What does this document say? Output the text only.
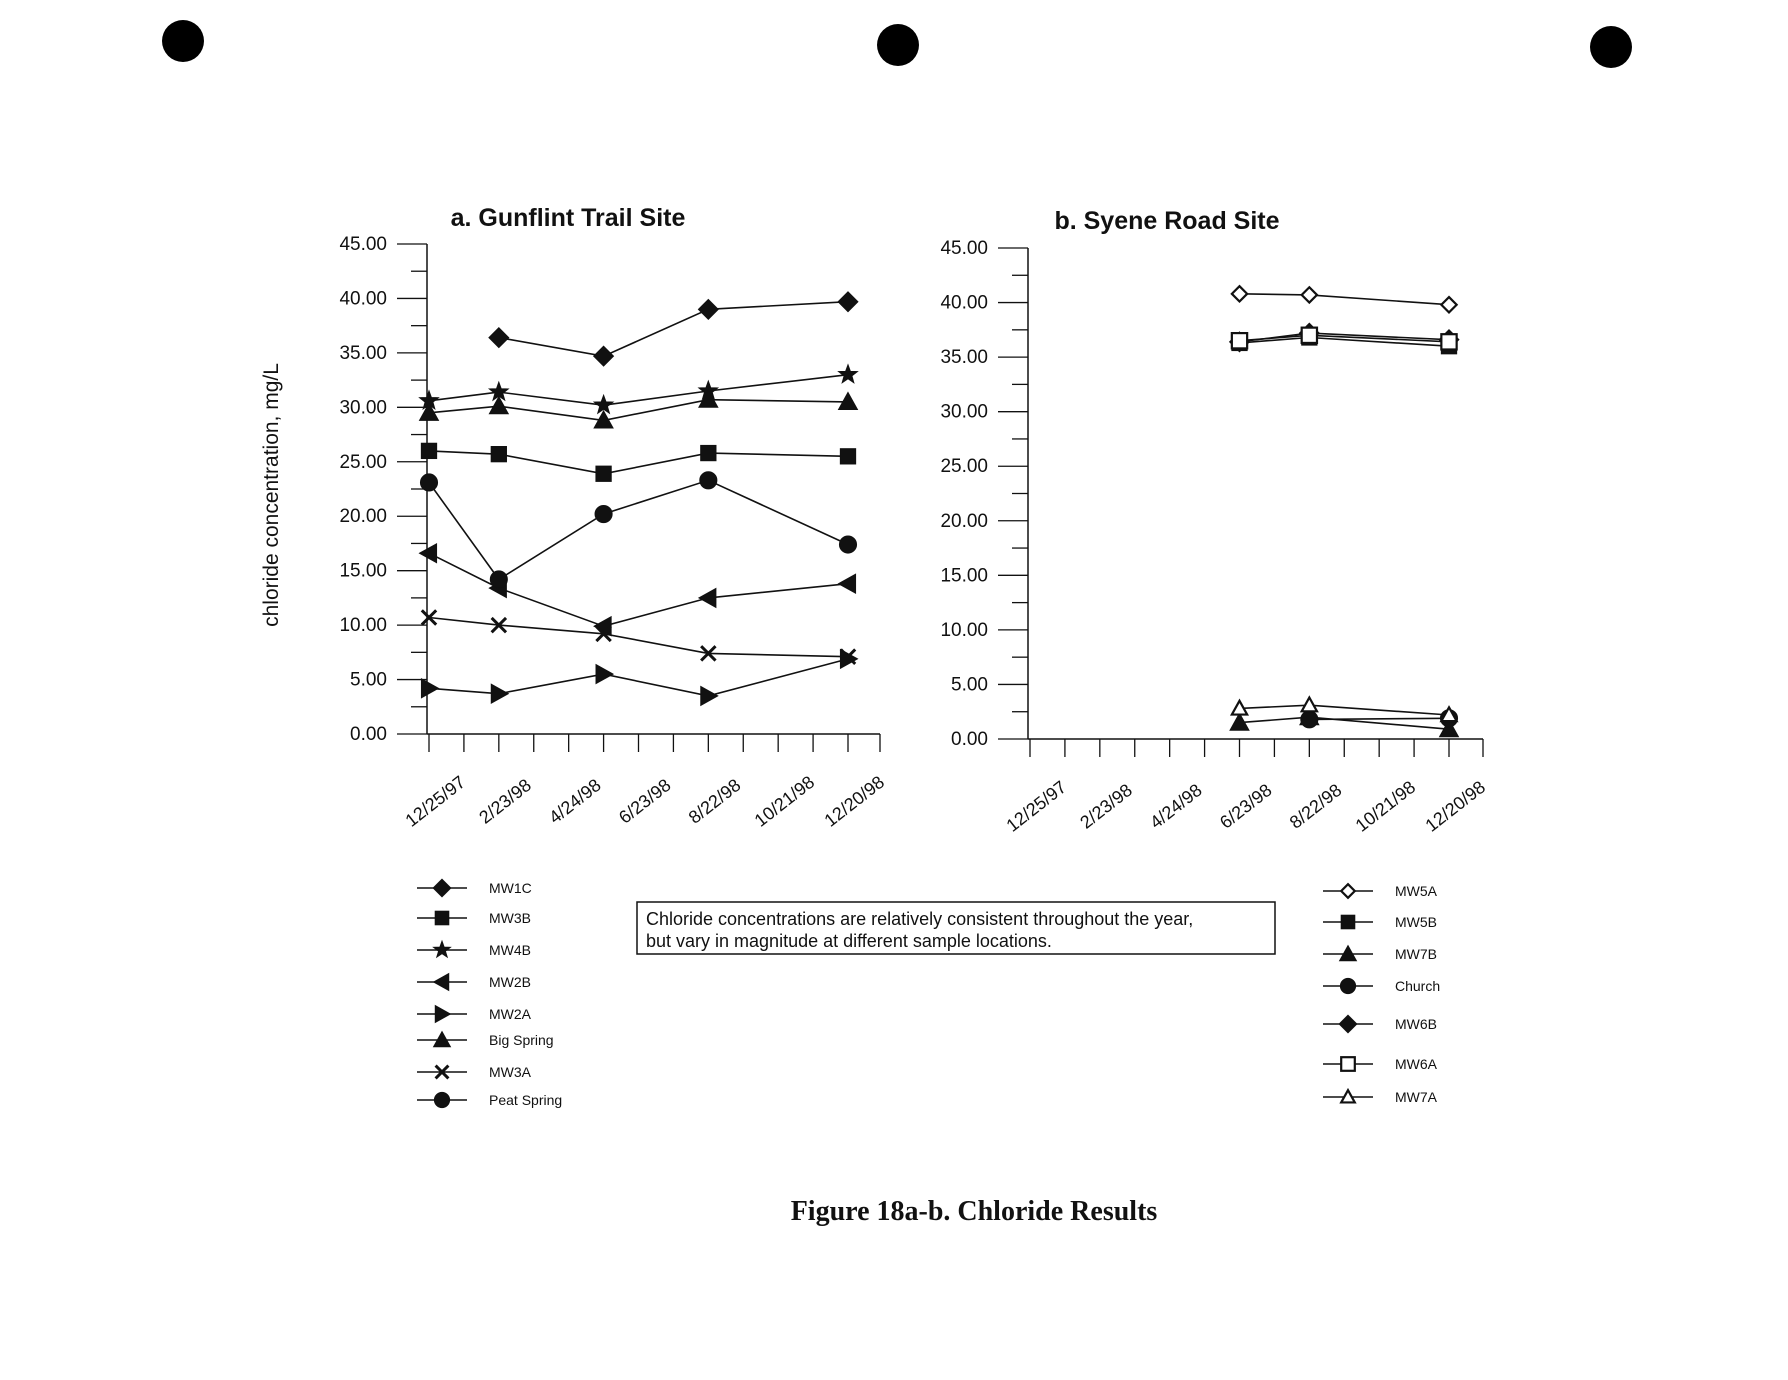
chloride concentration, mg/L
a. Gunflint Trail Site
0.00
5.00
10.00
15.00
20.00
25.00
30.00
35.00
40.00
45.00
12/25/97 2/23/98 4/24/98 6/23/98 8/22/98 10/21/98 12/20/98
MW1C
MW3B
MW4B
MW2B
MW2A
Big Spring
MW3A
Peat Spring
b. Syene Road Site
0.00
5.00
10.00
15.00
20.00
25.00
30.00
35.00
40.00
45.00
12/25/97 2/23/98 4/24/98 6/23/98 8/22/98 10/21/98 12/20/98
MW5A
MW5B
MW7B
Church
MW6B
MW6A
MW7A
Chloride concentrations are relatively consistent throughout the year,
but vary in magnitude at different sample locations.
Figure 18a-b. Chloride Results
